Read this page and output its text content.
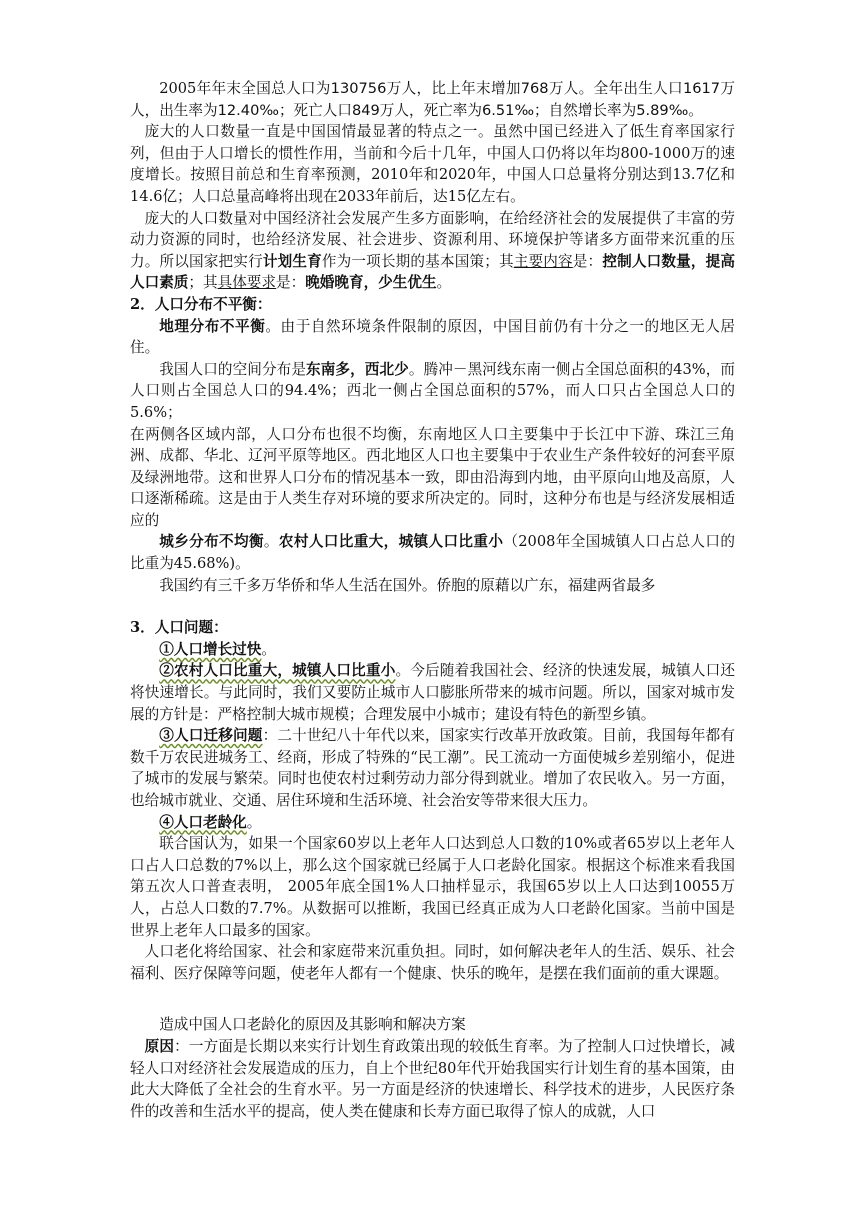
2005年年末全国总人口为130756万人，比上年末增加768万人。全年出生人口1617万人，出生率为12.40‰；死亡人口849万人，死亡率为6.51‰；自然增长率为5.89‰。

庞大的人口数量一直是中国国情最显著的特点之一。虽然中国已经进入了低生育率国家行列，但由于人口增长的惯性作用，当前和今后十几年，中国人口仍将以年均800-1000万的速度增长。按照目前总和生育率预测，2010年和2020年，中国人口总量将分别达到13.7亿和14.6亿；人口总量高峰将出现在2033年前后，达15亿左右。

庞大的人口数量对中国经济社会发展产生多方面影响，在给经济社会的发展提供了丰富的劳动力资源的同时，也给经济发展、社会进步、资源利用、环境保护等诸多方面带来沉重的压力。所以国家把实行计划生育作为一项长期的基本国策；其主要内容是：控制人口数量，提高人口素质；其具体要求是：晚婚晚育，少生优生。

2．人口分布不平衡：

地理分布不平衡。由于自然环境条件限制的原因，中国目前仍有十分之一的地区无人居住。

我国人口的空间分布是东南多，西北少。腾冲－黑河线东南一侧占全国总面积的43%，而人口则占全国总人口的94.4%；西北一侧占全国总面积的57%，而人口只占全国总人口的5.6%；

在两侧各区域内部，人口分布也很不均衡，东南地区人口主要集中于长江中下游、珠江三角洲、成都、华北、辽河平原等地区。西北地区人口也主要集中于农业生产条件较好的河套平原及绿洲地带。这和世界人口分布的情况基本一致，即由沿海到内地，由平原向山地及高原，人口逐渐稀疏。这是由于人类生存对环境的要求所决定的。同时，这种分布也是与经济发展相适应的

城乡分布不均衡。农村人口比重大，城镇人口比重小（2008年全国城镇人口占总人口的比重为45.68%)。

我国约有三千多万华侨和华人生活在国外。侨胞的原藉以广东，福建两省最多

3．人口问题：

①人口增长过快。

②农村人口比重大，城镇人口比重小。今后随着我国社会、经济的快速发展，城镇人口还将快速增长。与此同时，我们又要防止城市人口膨胀所带来的城市问题。所以，国家对城市发展的方针是：严格控制大城市规模；合理发展中小城市；建设有特色的新型乡镇。

③人口迁移问题：二十世纪八十年代以来，国家实行改革开放政策。目前，我国每年都有数千万农民进城务工、经商，形成了特殊的“民工潮”。民工流动一方面使城乡差别缩小，促进了城市的发展与繁荣。同时也使农村过剩劳动力部分得到就业。增加了农民收入。另一方面，也给城市就业、交通、居住环境和生活环境、社会治安等带来很大压力。

④人口老龄化。

联合国认为，如果一个国家60岁以上老年人口达到总人口数的10%或者65岁以上老年人口占人口总数的7%以上，那么这个国家就已经属于人口老龄化国家。根据这个标准来看我国第五次人口普查表明， 2005年底全国1%人口抽样显示，我国65岁以上人口达到10055万人，占总人口数的7.7%。从数据可以推断，我国已经真正成为人口老龄化国家。当前中国是世界上老年人口最多的国家。

人口老化将给国家、社会和家庭带来沉重负担。同时，如何解决老年人的生活、娱乐、社会福利、医疗保障等问题，使老年人都有一个健康、快乐的晚年，是摆在我们面前的重大课题。

造成中国人口老龄化的原因及其影响和解决方案

原因：一方面是长期以来实行计划生育政策出现的较低生育率。为了控制人口过快增长，减轻人口对经济社会发展造成的压力，自上个世纪80年代开始我国实行计划生育的基本国策，由此大大降低了全社会的生育水平。另一方面是经济的快速增长、科学技术的进步，人民医疗条件的改善和生活水平的提高，使人类在健康和长寿方面已取得了惊人的成就，人口
